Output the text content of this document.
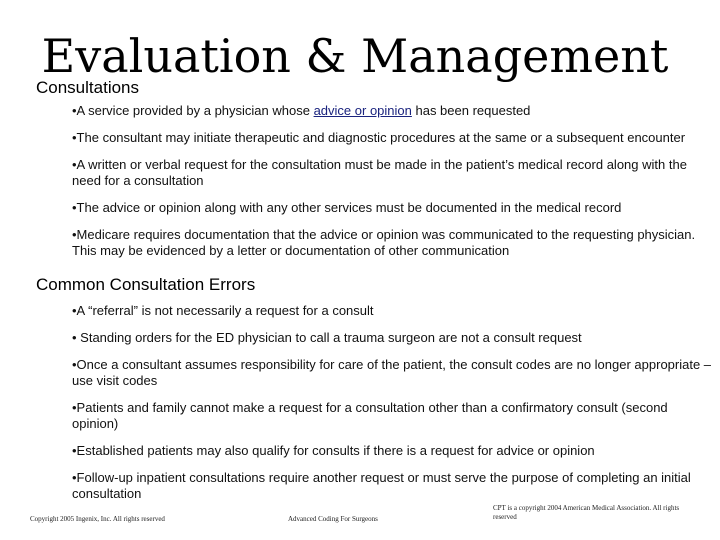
Evaluation & Management
Consultations
•A service provided by a physician whose advice or opinion has been requested
•The consultant may initiate therapeutic and diagnostic procedures at the same or a subsequent encounter
•A written or verbal request for the consultation must be made in the patient’s medical record along with the need for a consultation
•The advice or opinion along with any other services must be documented in the medical record
•Medicare requires documentation that the advice or opinion was communicated to the requesting physician. This may be evidenced by a letter or documentation of other communication
Common Consultation Errors
•A “referral” is not necessarily a request for a consult
• Standing orders for the ED physician to call a trauma surgeon are not a consult request
•Once a consultant assumes responsibility for care of the patient, the consult codes are no longer appropriate – use visit codes
•Patients and family cannot make a request for a consultation other than a confirmatory consult (second opinion)
•Established patients may also qualify for consults if there is a request for advice or opinion
•Follow-up inpatient consultations require another request or must serve the purpose of completing an initial consultation
Copyright 2005 Ingenix, Inc. All rights reserved	Advanced Coding For Surgeons
CPT is a copyright 2004 American Medical Association. All rights reserved
